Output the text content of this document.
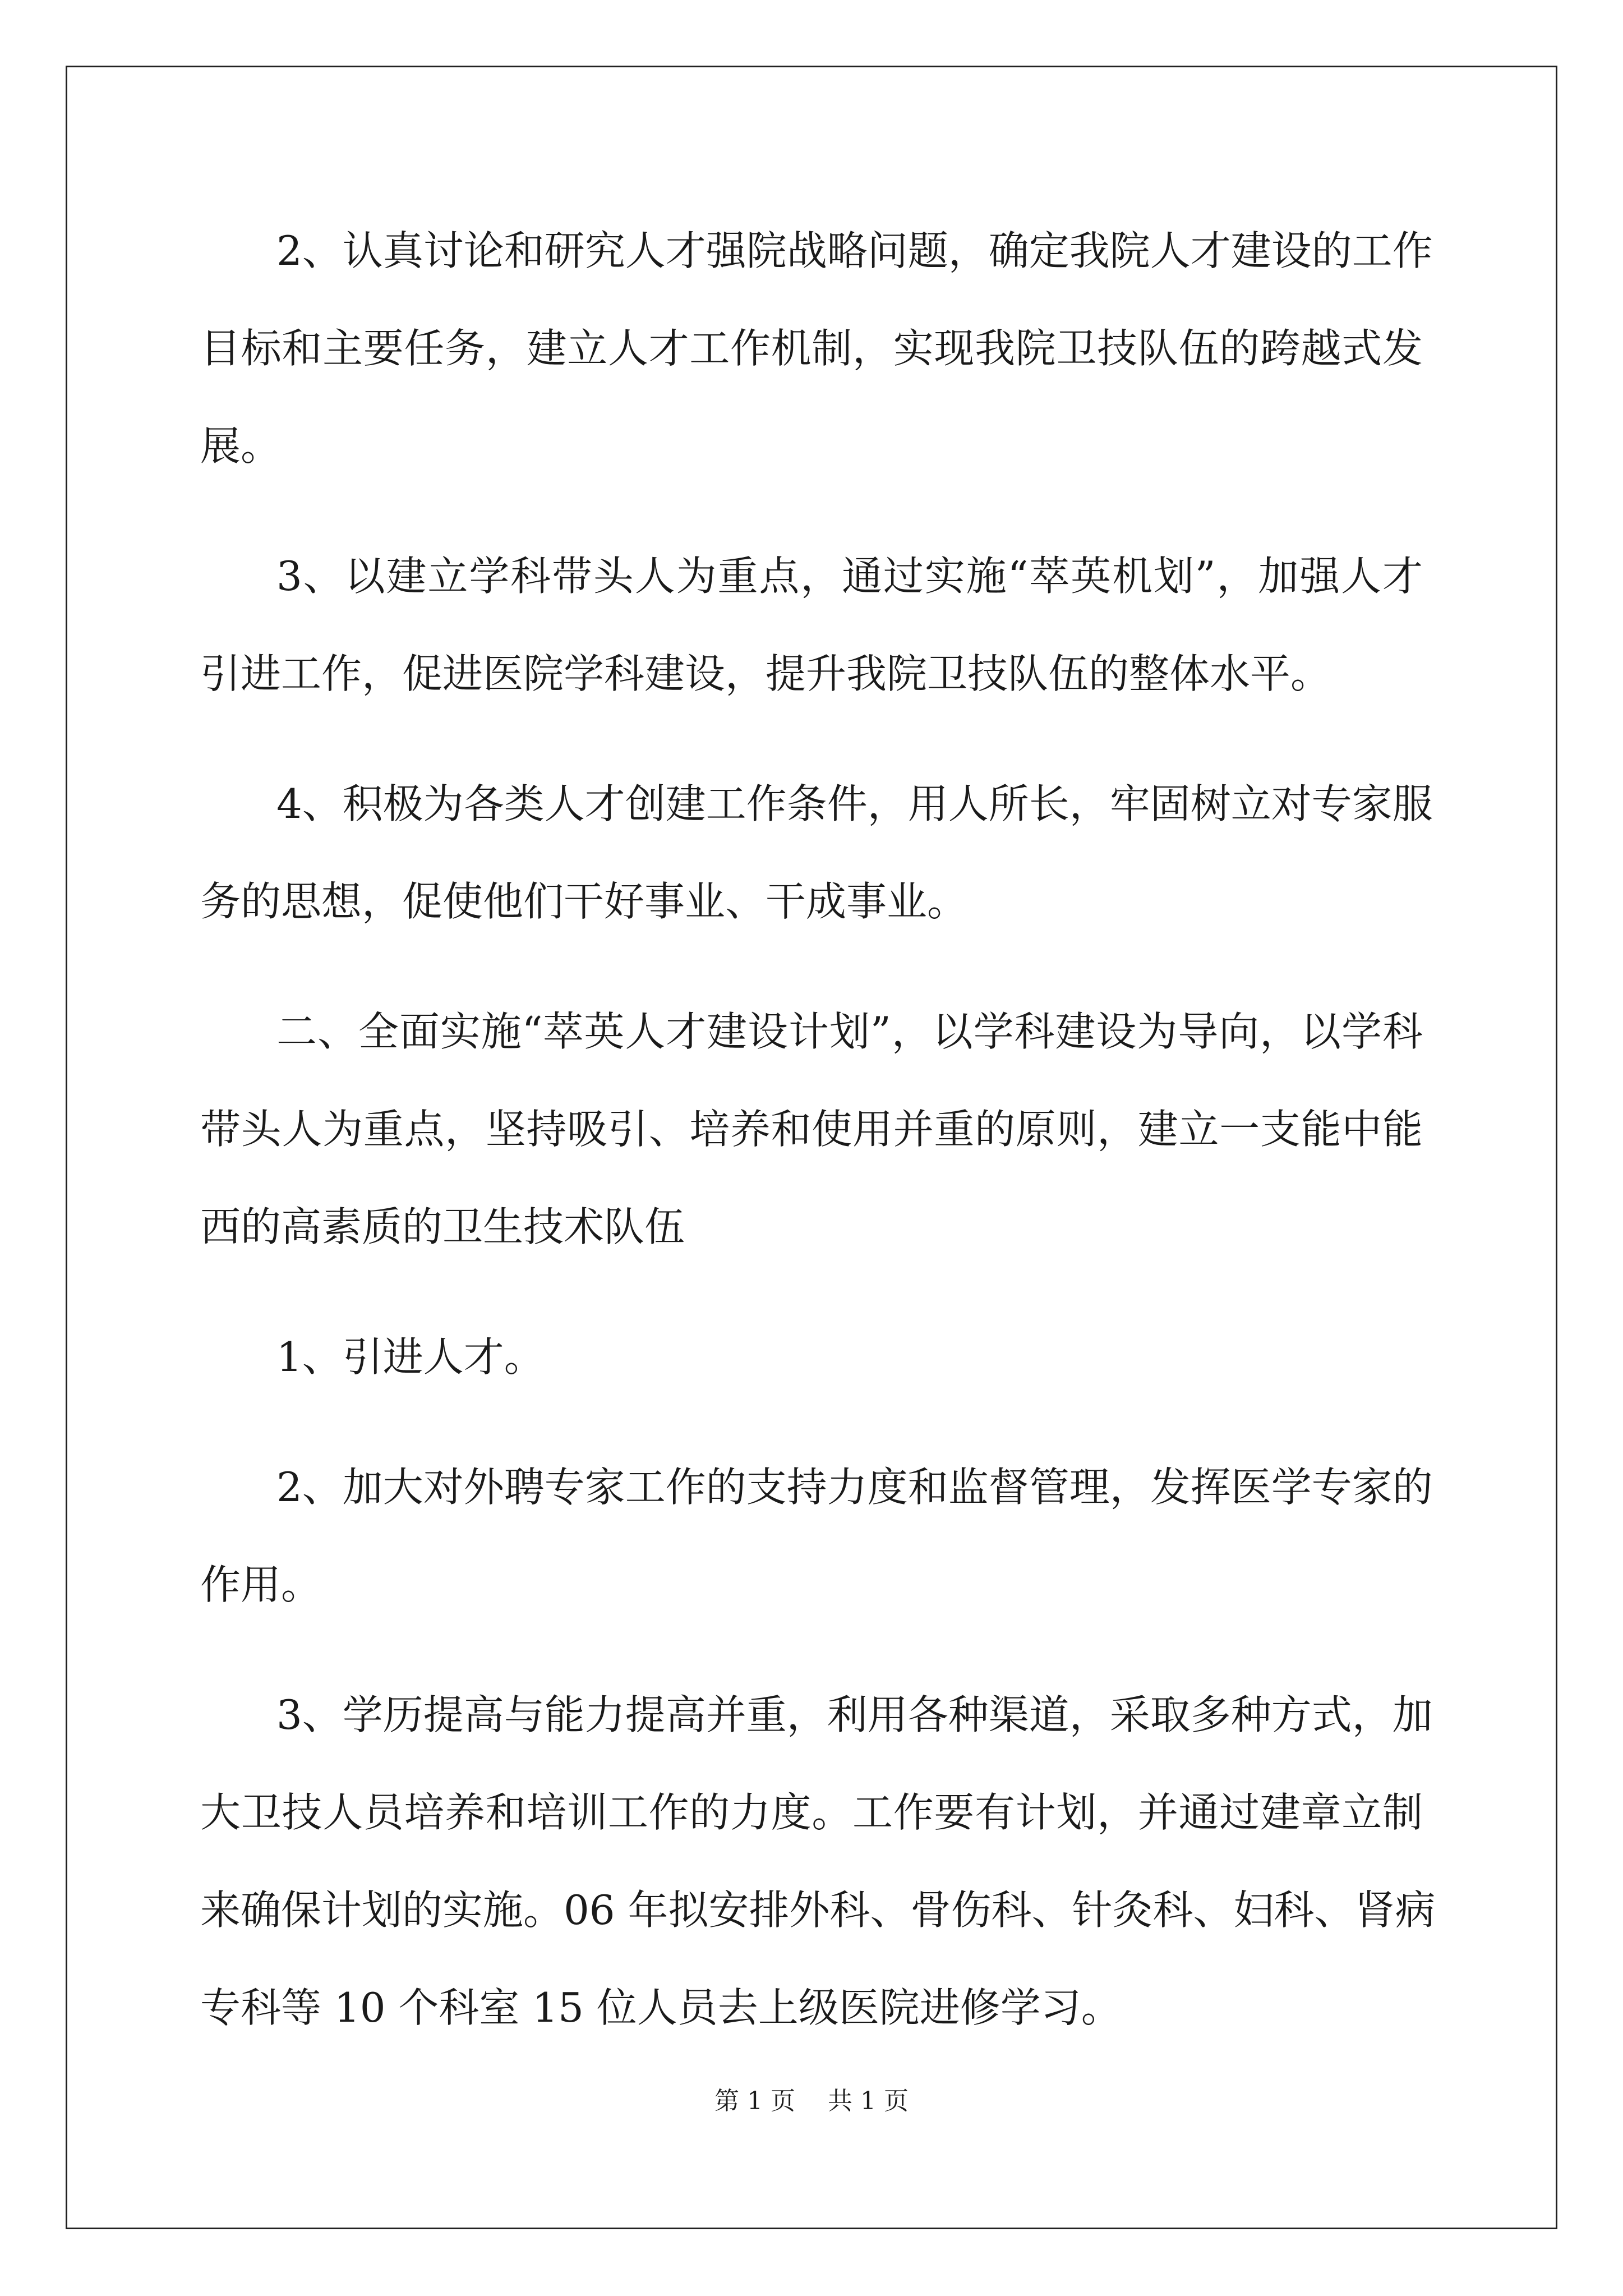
2、认真讨论和研究人才强院战略问题，确定我院人才建设的工作
目标和主要任务，建立人才工作机制，实现我院卫技队伍的跨越式发
展。
3、以建立学科带头人为重点，通过实施“萃英机划”，加强人才
引进工作，促进医院学科建设，提升我院卫技队伍的整体水平。
4、积极为各类人才创建工作条件，用人所长，牢固树立对专家服
务的思想，促使他们干好事业、干成事业。
二、全面实施“萃英人才建设计划”，以学科建设为导向，以学科
带头人为重点，坚持吸引、培养和使用并重的原则，建立一支能中能
西的高素质的卫生技术队伍
1、引进人才。
2、加大对外聘专家工作的支持力度和监督管理，发挥医学专家的
作用。
3、学历提高与能力提高并重，利用各种渠道，采取多种方式，加
大卫技人员培养和培训工作的力度。工作要有计划，并通过建章立制
来确保计划的实施。06 年拟安排外科、骨伤科、针灸科、妇科、肾病
专科等 10 个科室 15 位人员去上级医院进修学习。
第 1 页 共 1 页
